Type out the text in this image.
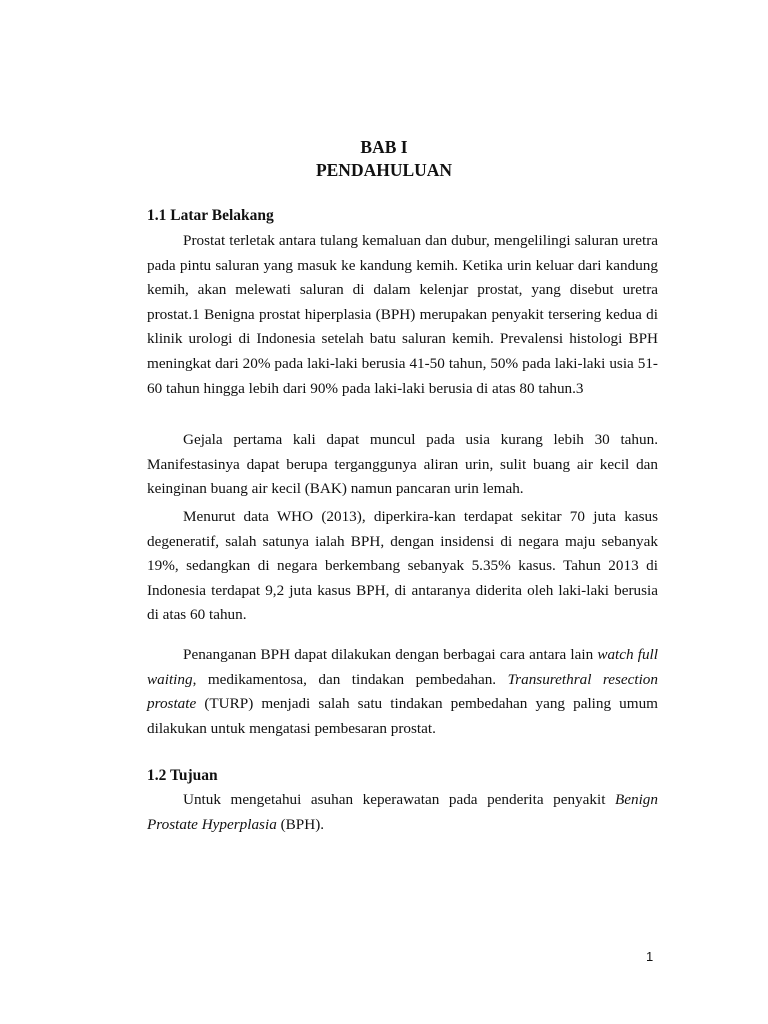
BAB I
PENDAHULUAN
1.1 Latar Belakang

Prostat terletak antara tulang kemaluan dan dubur, mengelilingi saluran uretra pada pintu saluran yang masuk ke kandung kemih. Ketika urin keluar dari kandung kemih, akan melewati saluran di dalam kelenjar prostat, yang disebut uretra prostat.1 Benigna prostat hiperplasia (BPH) merupakan penyakit tersering kedua di klinik urologi di Indonesia setelah batu saluran kemih. Prevalensi histologi BPH meningkat dari 20% pada laki-laki berusia 41-50 tahun, 50% pada laki-laki usia 51-60 tahun hingga lebih dari 90% pada laki-laki berusia di atas 80 tahun.3

Gejala pertama kali dapat muncul pada usia kurang lebih 30 tahun. Manifestasinya dapat berupa terganggunya aliran urin, sulit buang air kecil dan keinginan buang air kecil (BAK) namun pancaran urin lemah.

Menurut data WHO (2013), diperkira-kan terdapat sekitar 70 juta kasus degeneratif, salah satunya ialah BPH, dengan insidensi di negara maju sebanyak 19%, sedangkan di negara berkembang sebanyak 5.35% kasus. Tahun 2013 di Indonesia terdapat 9,2 juta kasus BPH, di antaranya diderita oleh laki-laki berusia di atas 60 tahun.

Penanganan BPH dapat dilakukan dengan berbagai cara antara lain watch full waiting, medikamentosa, dan tindakan pembedahan. Transurethral resection prostate (TURP) menjadi salah satu tindakan pembedahan yang paling umum dilakukan untuk mengatasi pembesaran prostat.

1.2 Tujuan

Untuk mengetahui asuhan keperawatan pada penderita penyakit Benign Prostate Hyperplasia (BPH).

1
